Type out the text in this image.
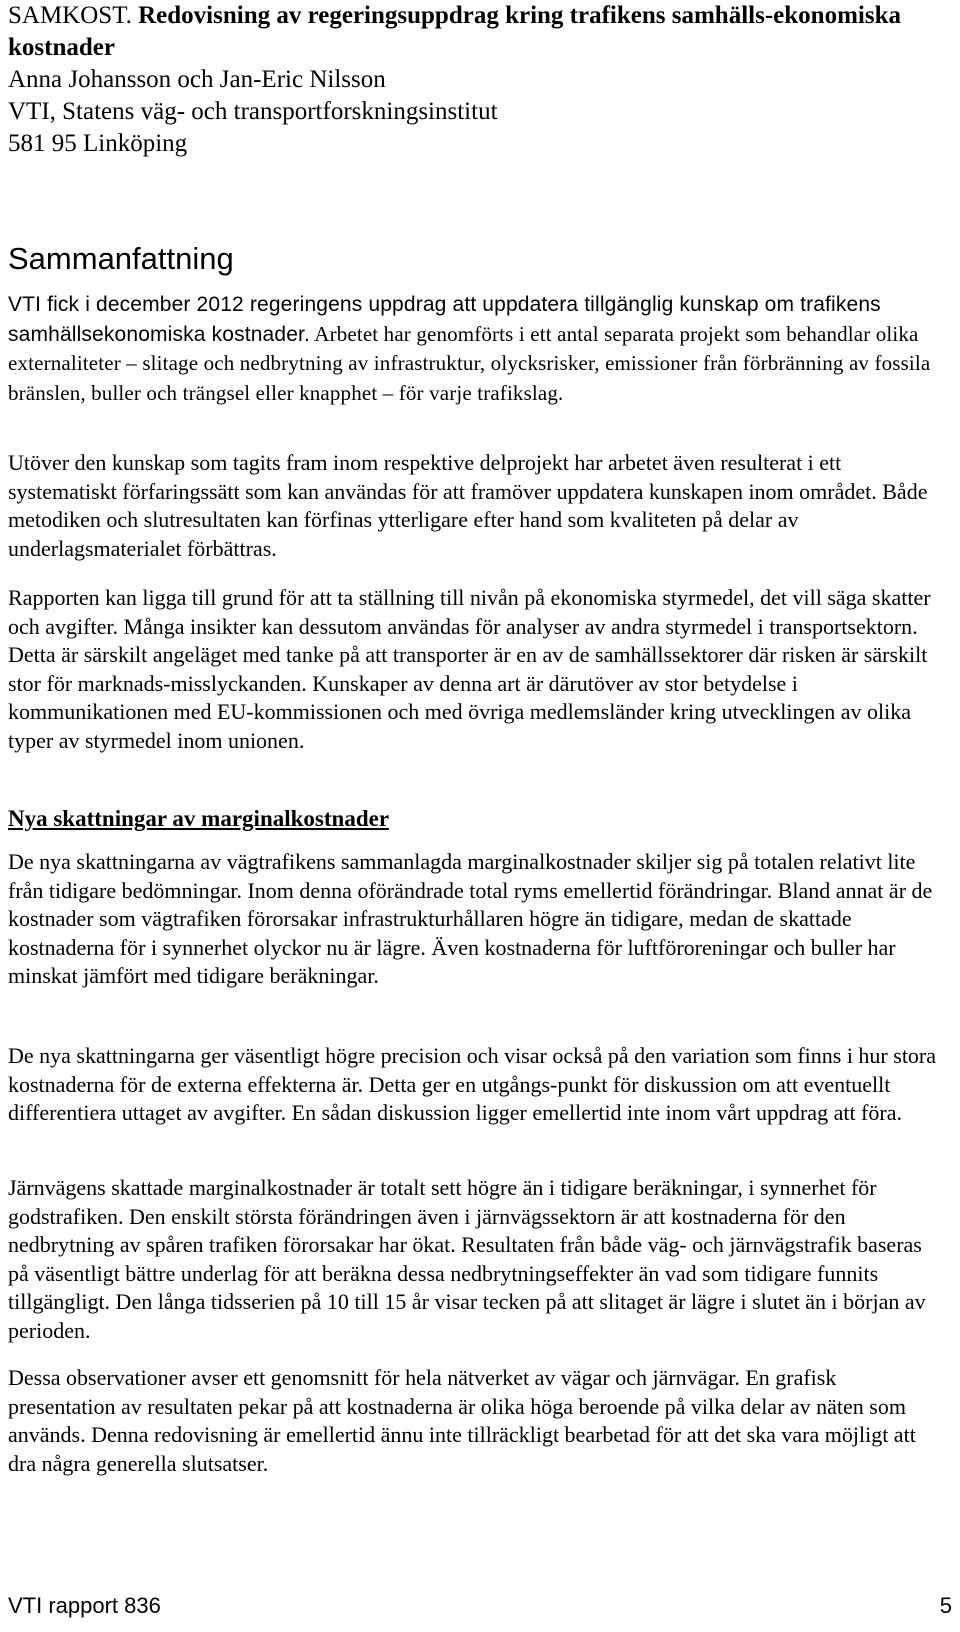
SAMKOST. Redovisning av regeringsuppdrag kring trafikens samhälls-ekonomiska kostnader
Anna Johansson och Jan-Eric Nilsson
VTI, Statens väg- och transportforskningsinstitut
581 95 Linköping
Sammanfattning

VTI fick i december 2012 regeringens uppdrag att uppdatera tillgänglig kunskap om trafikens samhällsekonomiska kostnader. Arbetet har genomförts i ett antal separata projekt som behandlar olika externaliteter – slitage och nedbrytning av infrastruktur, olycksrisker, emissioner från förbränning av fossila bränslen, buller och trängsel eller knapphet – för varje trafikslag.

Utöver den kunskap som tagits fram inom respektive delprojekt har arbetet även resulterat i ett systematiskt förfaringssätt som kan användas för att framöver uppdatera kunskapen inom området. Både metodiken och slutresultaten kan förfinas ytterligare efter hand som kvaliteten på delar av underlagsmaterialet förbättras.

Rapporten kan ligga till grund för att ta ställning till nivån på ekonomiska styrmedel, det vill säga skatter och avgifter. Många insikter kan dessutom användas för analyser av andra styrmedel i transportsektorn. Detta är särskilt angeläget med tanke på att transporter är en av de samhällssektorer där risken är särskilt stor för marknads-misslyckanden. Kunskaper av denna art är därutöver av stor betydelse i kommunikationen med EU-kommissionen och med övriga medlemsländer kring utvecklingen av olika typer av styrmedel inom unionen.

Nya skattningar av marginalkostnader

De nya skattningarna av vägtrafikens sammanlagda marginalkostnader skiljer sig på totalen relativt lite från tidigare bedömningar. Inom denna oförändrade total ryms emellertid förändringar. Bland annat är de kostnader som vägtrafiken förorsakar infrastrukturhållaren högre än tidigare, medan de skattade kostnaderna för i synnerhet olyckor nu är lägre. Även kostnaderna för luftföroreningar och buller har minskat jämfört med tidigare beräkningar.

De nya skattningarna ger väsentligt högre precision och visar också på den variation som finns i hur stora kostnaderna för de externa effekterna är. Detta ger en utgångs-punkt för diskussion om att eventuellt differentiera uttaget av avgifter. En sådan diskussion ligger emellertid inte inom vårt uppdrag att föra.

Järnvägens skattade marginalkostnader är totalt sett högre än i tidigare beräkningar, i synnerhet för godstrafiken. Den enskilt största förändringen även i järnvägssektorn är att kostnaderna för den nedbrytning av spåren trafiken förorsakar har ökat. Resultaten från både väg- och järnvägstrafik baseras på väsentligt bättre underlag för att beräkna dessa nedbrytningseffekter än vad som tidigare funnits tillgängligt. Den långa tidsserien på 10 till 15 år visar tecken på att slitaget är lägre i slutet än i början av perioden.

Dessa observationer avser ett genomsnitt för hela nätverket av vägar och järnvägar. En grafisk presentation av resultaten pekar på att kostnaderna är olika höga beroende på vilka delar av näten som används. Denna redovisning är emellertid ännu inte tillräckligt bearbetad för att det ska vara möjligt att dra några generella slutsatser.

VTI rapport 836	5
